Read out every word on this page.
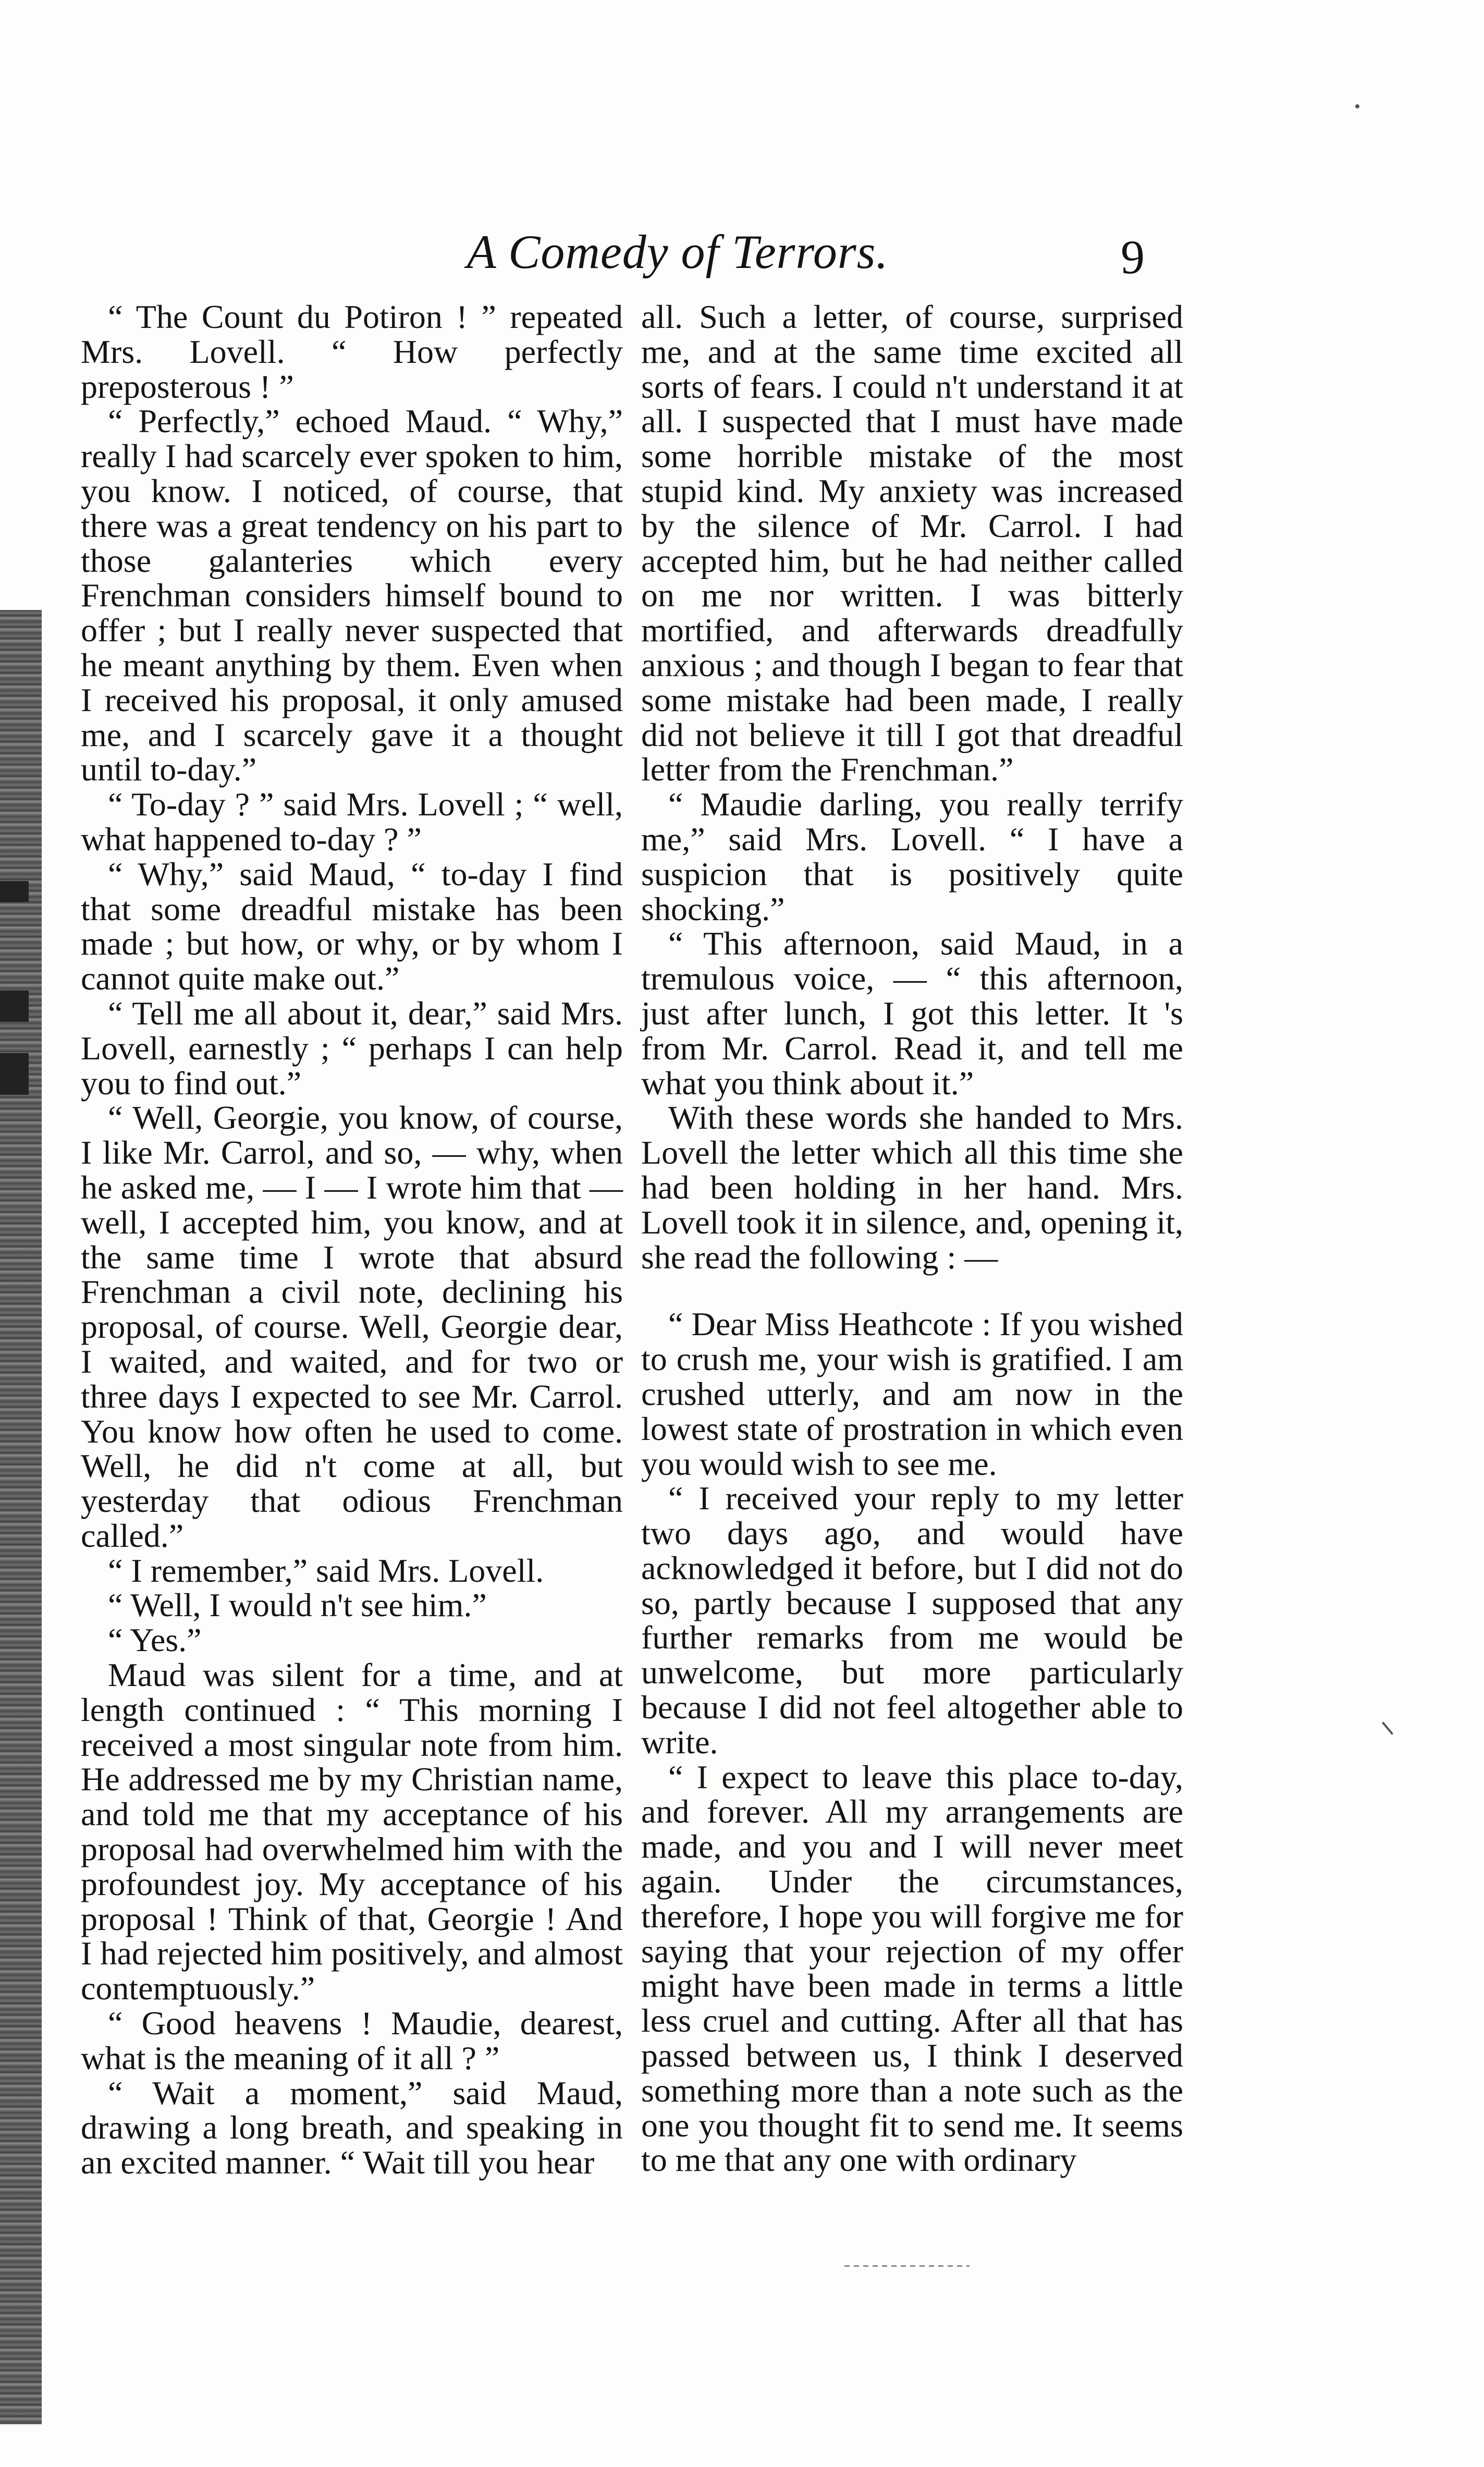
A Comedy of Terrors.	9

“ The Count du Potiron ! ” repeated Mrs. Lovell. “ How perfectly preposterous ! ”

“ Perfectly,” echoed Maud. “ Why,” really I had scarcely ever spoken to him, you know. I noticed, of course, that there was a great tendency on his part to those galanteries which every Frenchman considers himself bound to offer ; but I really never suspected that he meant anything by them. Even when I received his proposal, it only amused me, and I scarcely gave it a thought until to-day.”

“ To-day ? ” said Mrs. Lovell ; “ well, what happened to-day ? ”

“ Why,” said Maud, “ to-day I find that some dreadful mistake has been made ; but how, or why, or by whom I cannot quite make out.”

“ Tell me all about it, dear,” said Mrs. Lovell, earnestly ; “ perhaps I can help you to find out.”

“ Well, Georgie, you know, of course, I like Mr. Carrol, and so, — why, when he asked me, — I — I wrote him that — well, I accepted him, you know, and at the same time I wrote that absurd Frenchman a civil note, declining his proposal, of course. Well, Georgie dear, I waited, and waited, and for two or three days I expected to see Mr. Carrol. You know how often he used to come. Well, he did n't come at all, but yesterday that odious Frenchman called.”

“ I remember,” said Mrs. Lovell.

“ Well, I would n't see him.”

“ Yes.”

Maud was silent for a time, and at length continued : “ This morning I received a most singular note from him. He addressed me by my Christian name, and told me that my acceptance of his proposal had overwhelmed him with the profoundest joy. My acceptance of his proposal ! Think of that, Georgie ! And I had rejected him positively, and almost contemptuously.”

“ Good heavens ! Maudie, dearest, what is the meaning of it all ? ”

“ Wait a moment,” said Maud, drawing a long breath, and speaking in an excited manner. “ Wait till you hear

all. Such a letter, of course, surprised me, and at the same time excited all sorts of fears. I could n't understand it at all. I suspected that I must have made some horrible mistake of the most stupid kind. My anxiety was increased by the silence of Mr. Carrol. I had accepted him, but he had neither called on me nor written. I was bitterly mortified, and afterwards dreadfully anxious ; and though I began to fear that some mistake had been made, I really did not believe it till I got that dreadful letter from the Frenchman.”

“ Maudie darling, you really terrify me,” said Mrs. Lovell. “ I have a suspicion that is positively quite shocking.”

“ This afternoon, said Maud, in a tremulous voice, — “ this afternoon, just after lunch, I got this letter. It 's from Mr. Carrol. Read it, and tell me what you think about it.”

With these words she handed to Mrs. Lovell the letter which all this time she had been holding in her hand. Mrs. Lovell took it in silence, and, opening it, she read the following : —

“ Dear Miss Heathcote : If you wished to crush me, your wish is gratified. I am crushed utterly, and am now in the lowest state of prostration in which even you would wish to see me.

“ I received your reply to my letter two days ago, and would have acknowledged it before, but I did not do so, partly because I supposed that any further remarks from me would be unwelcome, but more particularly because I did not feel altogether able to write.

“ I expect to leave this place to-day, and forever. All my arrangements are made, and you and I will never meet again. Under the circumstances, therefore, I hope you will forgive me for saying that your rejection of my offer might have been made in terms a little less cruel and cutting. After all that has passed between us, I think I deserved something more than a note such as the one you thought fit to send me. It seems to me that any one with ordinary
